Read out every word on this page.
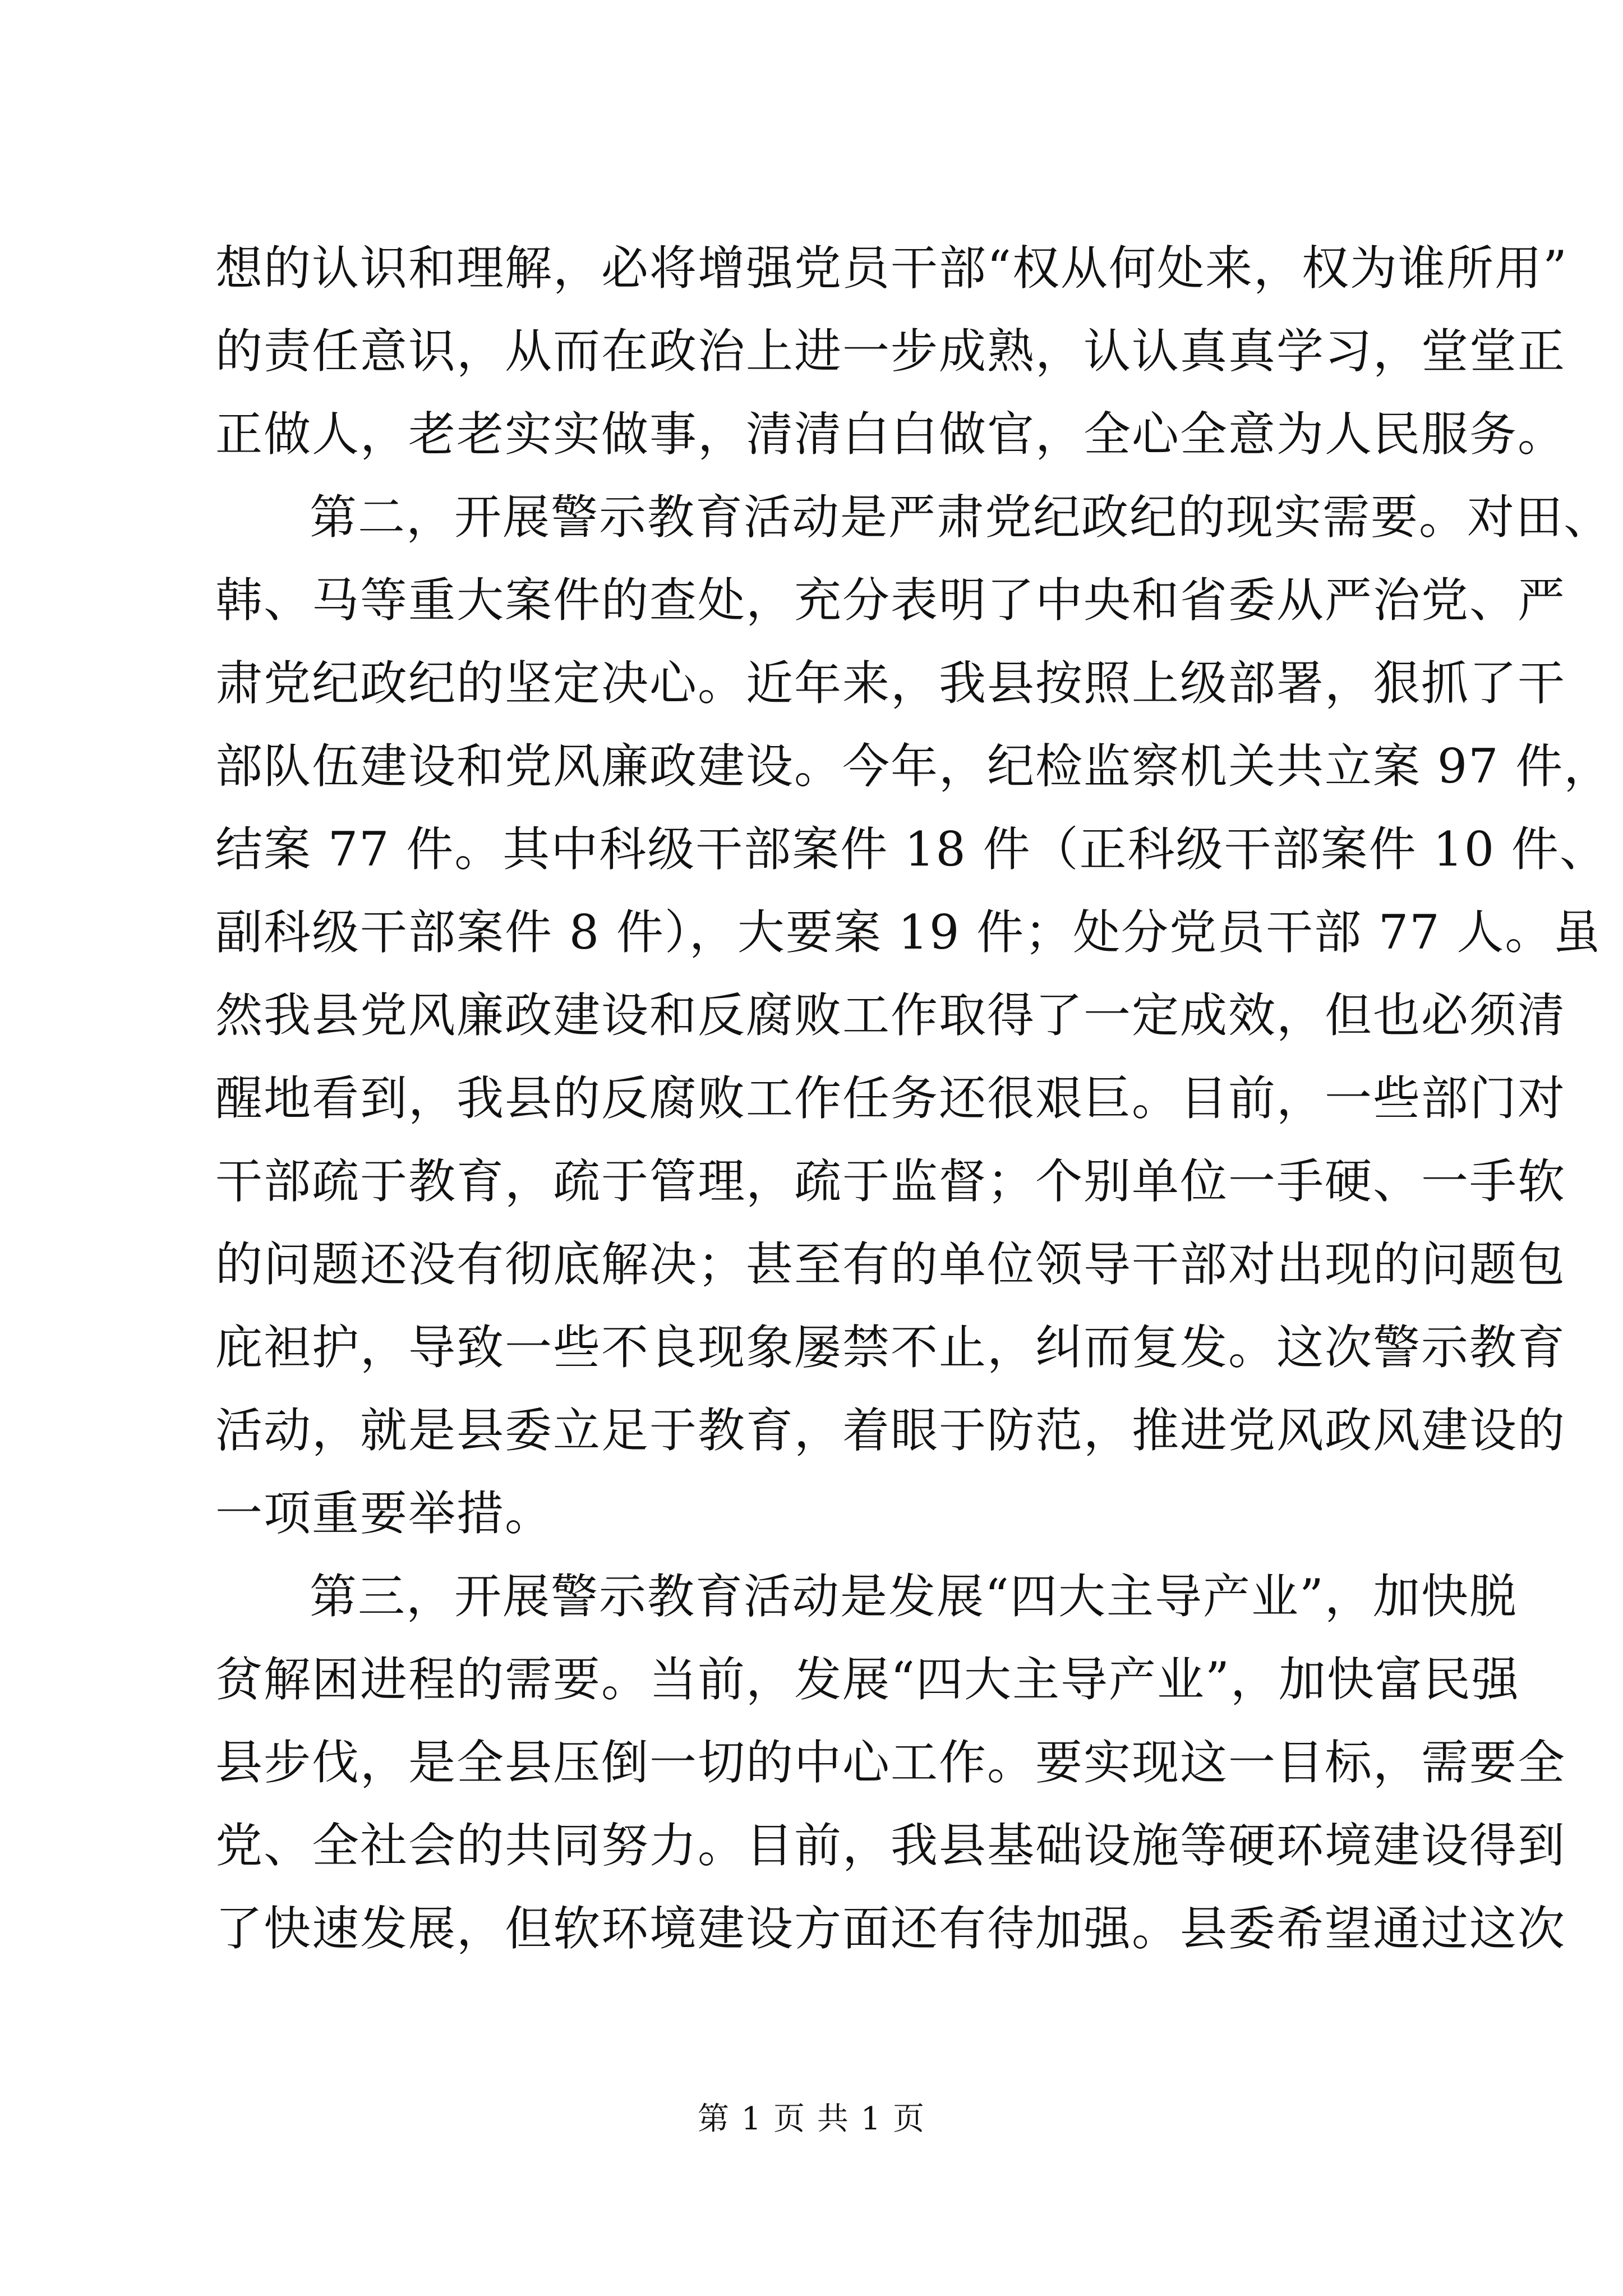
想的认识和理解，必将增强党员干部“权从何处来，权为谁所用”
的责任意识，从而在政治上进一步成熟，认认真真学习，堂堂正
正做人，老老实实做事，清清白白做官，全心全意为人民服务。
第二，开展警示教育活动是严肃党纪政纪的现实需要。对田、
韩、马等重大案件的查处，充分表明了中央和省委从严治党、严
肃党纪政纪的坚定决心。近年来，我县按照上级部署，狠抓了干
部队伍建设和党风廉政建设。今年，纪检监察机关共立案 97 件，
结案 77 件。其中科级干部案件 18 件（正科级干部案件 10 件、
副科级干部案件 8 件），大要案 19 件；处分党员干部 77 人。虽
然我县党风廉政建设和反腐败工作取得了一定成效，但也必须清
醒地看到，我县的反腐败工作任务还很艰巨。目前，一些部门对
干部疏于教育，疏于管理，疏于监督；个别单位一手硬、一手软
的问题还没有彻底解决；甚至有的单位领导干部对出现的问题包
庇袒护，导致一些不良现象屡禁不止，纠而复发。这次警示教育
活动，就是县委立足于教育，着眼于防范，推进党风政风建设的
一项重要举措。
第三，开展警示教育活动是发展“四大主导产业”，加快脱
贫解困进程的需要。当前，发展“四大主导产业”，加快富民强
县步伐，是全县压倒一切的中心工作。要实现这一目标，需要全
党、全社会的共同努力。目前，我县基础设施等硬环境建设得到
了快速发展，但软环境建设方面还有待加强。县委希望通过这次
第 1 页 共 1 页
